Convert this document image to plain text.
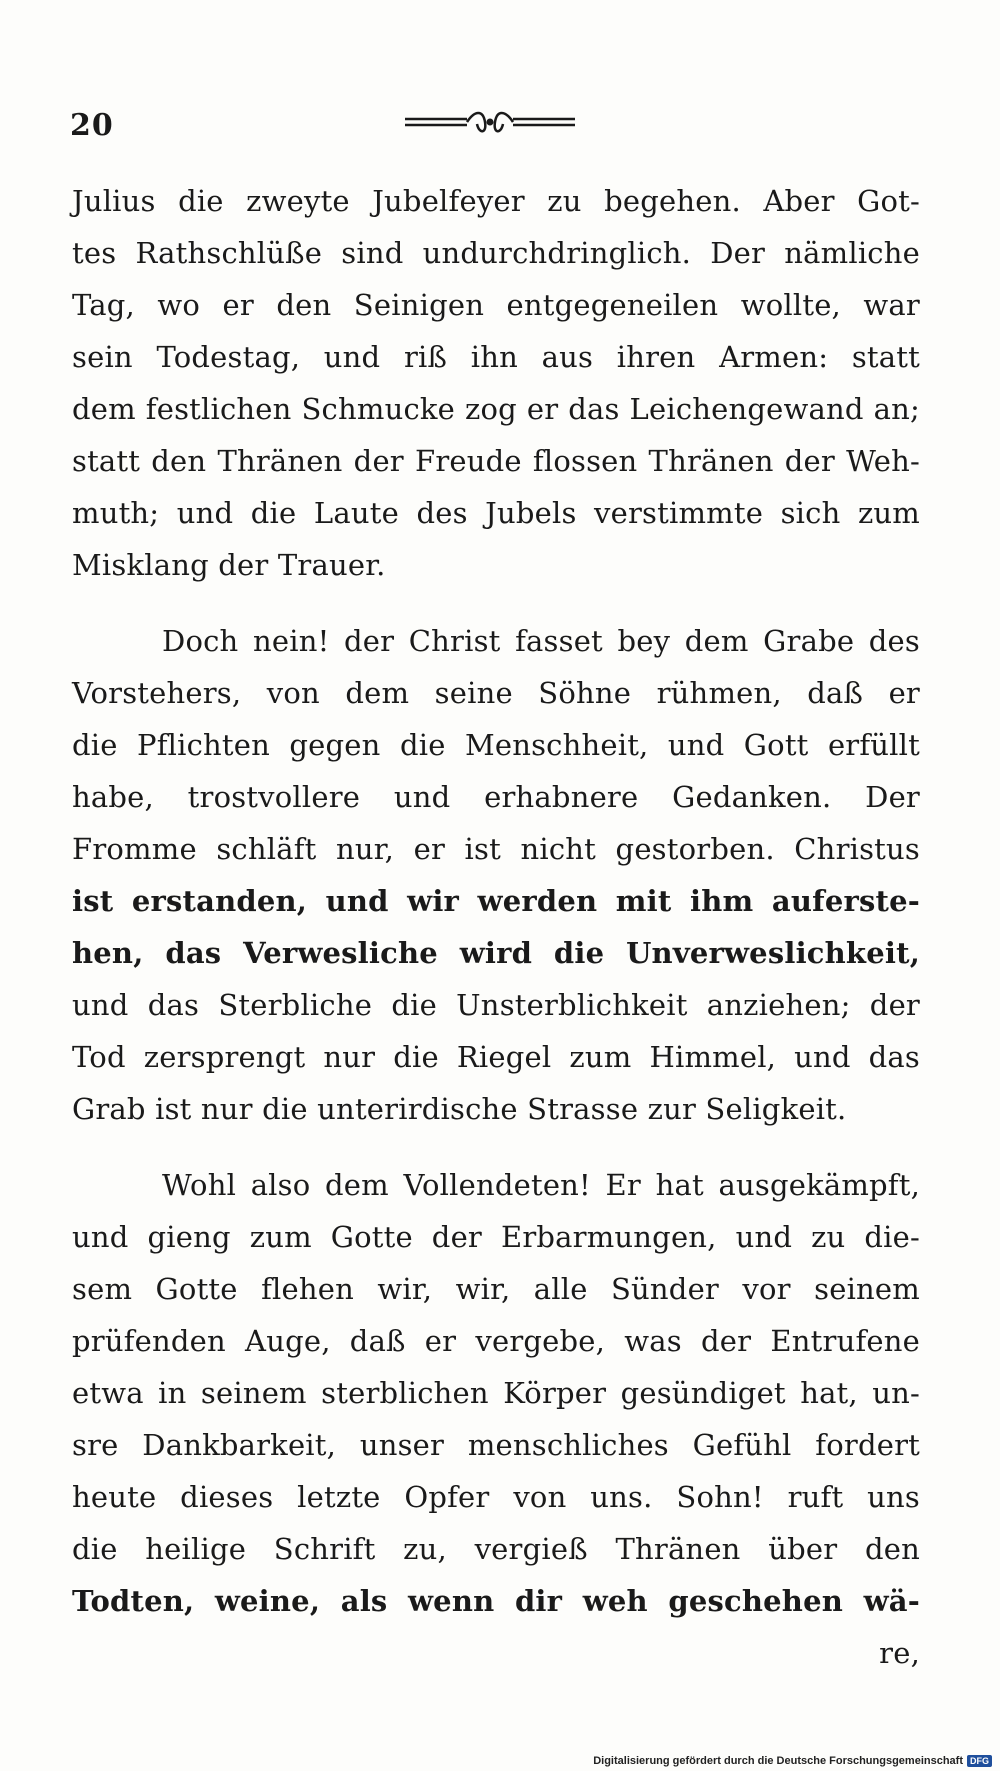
20
Julius die zweyte Jubelfeyer zu begehen. Aber Got-
tes Rathschlüße sind undurchdringlich. Der nämliche
Tag, wo er den Seinigen entgegeneilen wollte, war
sein Todestag, und riß ihn aus ihren Armen: statt
dem festlichen Schmucke zog er das Leichengewand an;
statt den Thränen der Freude flossen Thränen der Weh-
muth; und die Laute des Jubels verstimmte sich zum
Misklang der Trauer.
Doch nein! der Christ fasset bey dem Grabe des
Vorstehers, von dem seine Söhne rühmen, daß er
die Pflichten gegen die Menschheit, und Gott erfüllt
habe, trostvollere und erhabnere Gedanken. Der
Fromme schläft nur, er ist nicht gestorben. Christus
ist erstanden, und wir werden mit ihm auferste-
hen, das Verwesliche wird die Unverweslichkeit,
und das Sterbliche die Unsterblichkeit anziehen; der
Tod zersprengt nur die Riegel zum Himmel, und das
Grab ist nur die unterirdische Strasse zur Seligkeit.
Wohl also dem Vollendeten! Er hat ausgekämpft,
und gieng zum Gotte der Erbarmungen, und zu die-
sem Gotte flehen wir, wir, alle Sünder vor seinem
prüfenden Auge, daß er vergebe, was der Entrufene
etwa in seinem sterblichen Körper gesündiget hat, un-
sre Dankbarkeit, unser menschliches Gefühl fordert
heute dieses letzte Opfer von uns. Sohn! ruft uns
die heilige Schrift zu, vergieß Thränen über den
Todten, weine, als wenn dir weh geschehen wä-
re,
Digitalisierung gefördert durch die Deutsche Forschungsgemeinschaft DFG
